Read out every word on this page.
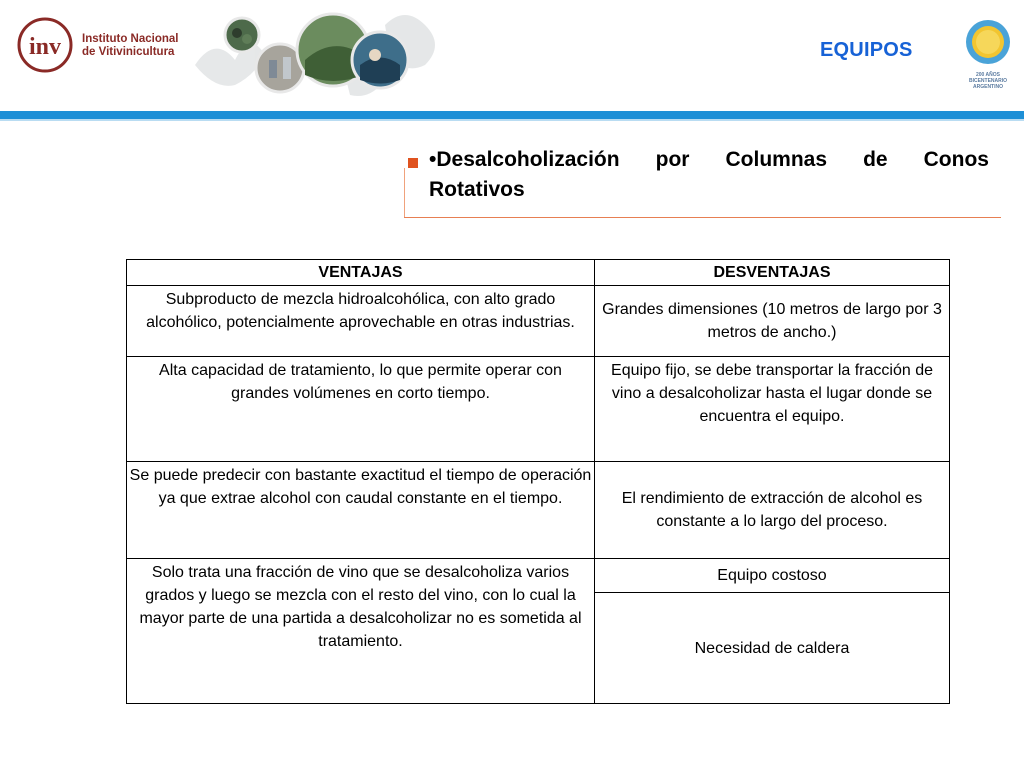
inv Instituto Nacional
de Vitivinicultura	EQUIPOS
200 AÑOS
BICENTENARIO
ARGENTINO
•Desalcoholización por Columnas de Conos
Rotativos
VENTAJAS	DESVENTAJAS
Subproducto de mezcla hidroalcohólica, con alto grado alcohólico, potencialmente aprovechable en otras industrias.	Grandes dimensiones (10 metros de largo por 3 metros de ancho.)
Alta capacidad de tratamiento, lo que permite operar con grandes volúmenes en corto tiempo.	Equipo fijo, se debe transportar la fracción de vino a desalcoholizar hasta el lugar donde se encuentra el equipo.
Se puede predecir con bastante exactitud el tiempo de operación ya que extrae alcohol con caudal constante en el tiempo.	El rendimiento de extracción de alcohol es constante a lo largo del proceso.
Solo trata una fracción de vino que se desalcoholiza varios grados y luego se mezcla con el resto del vino, con lo cual la mayor parte de una partida a desalcoholizar no es sometida al tratamiento.	Equipo costoso
	Necesidad de caldera
